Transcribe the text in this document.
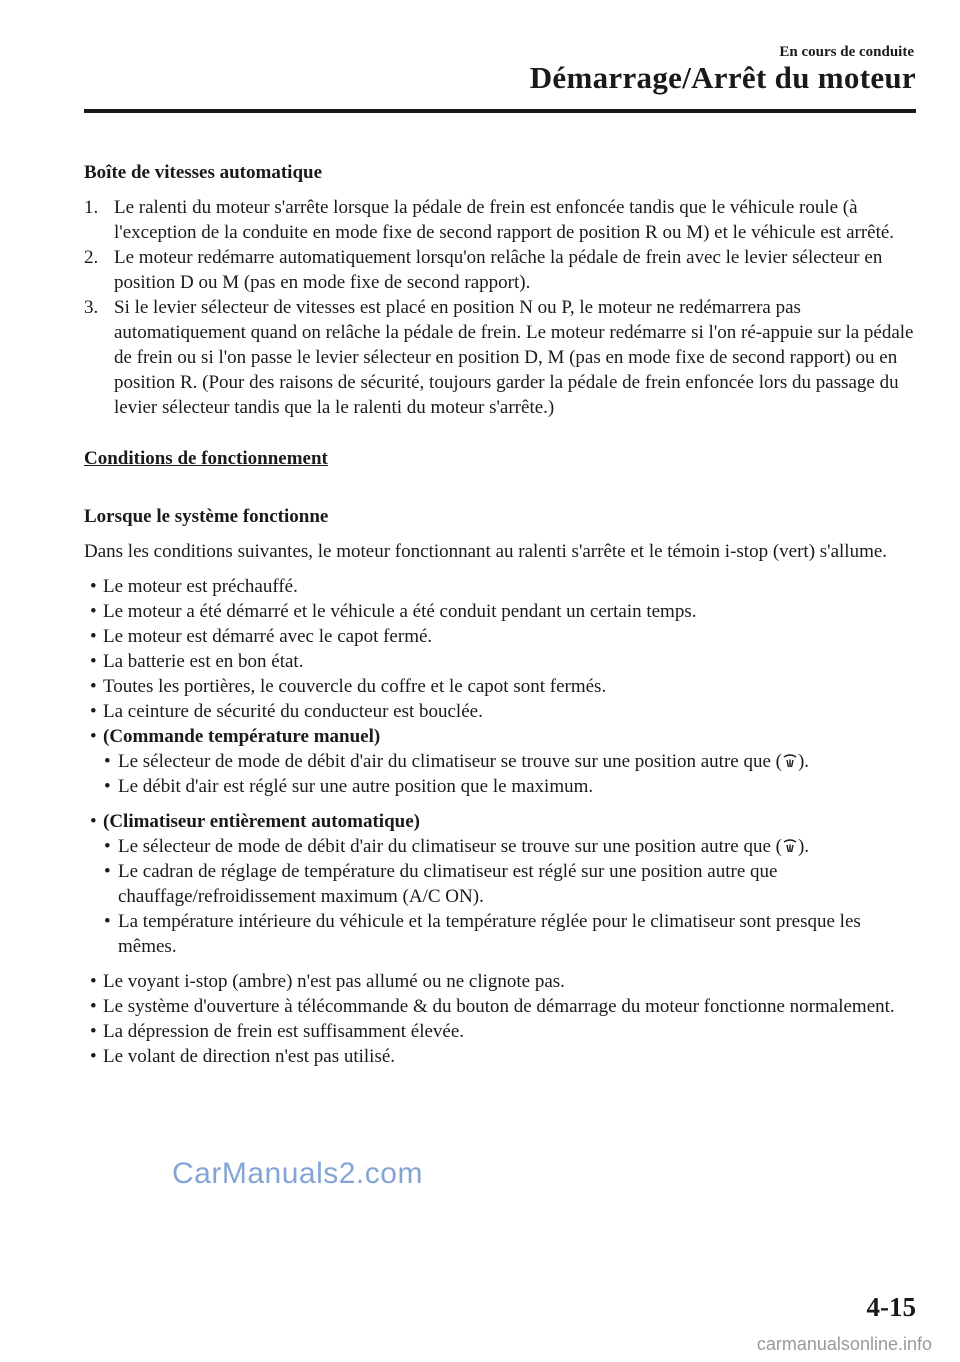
En cours de conduite
Démarrage/Arrêt du moteur
Boîte de vitesses automatique
1. Le ralenti du moteur s'arrête lorsque la pédale de frein est enfoncée tandis que le véhicule roule (à l'exception de la conduite en mode fixe de second rapport de position R ou M) et le véhicule est arrêté.
2. Le moteur redémarre automatiquement lorsqu'on relâche la pédale de frein avec le levier sélecteur en position D ou M (pas en mode fixe de second rapport).
3. Si le levier sélecteur de vitesses est placé en position N ou P, le moteur ne redémarrera pas automatiquement quand on relâche la pédale de frein. Le moteur redémarre si l'on ré-appuie sur la pédale de frein ou si l'on passe le levier sélecteur en position D, M (pas en mode fixe de second rapport) ou en position R. (Pour des raisons de sécurité, toujours garder la pédale de frein enfoncée lors du passage du levier sélecteur tandis que la le ralenti du moteur s'arrête.)
Conditions de fonctionnement
Lorsque le système fonctionne
Dans les conditions suivantes, le moteur fonctionnant au ralenti s'arrête et le témoin i-stop (vert) s'allume.
• Le moteur est préchauffé.
• Le moteur a été démarré et le véhicule a été conduit pendant un certain temps.
• Le moteur est démarré avec le capot fermé.
• La batterie est en bon état.
• Toutes les portières, le couvercle du coffre et le capot sont fermés.
• La ceinture de sécurité du conducteur est bouclée.
• (Commande température manuel)
• Le sélecteur de mode de débit d'air du climatiseur se trouve sur une position autre que ( ).
• Le débit d'air est réglé sur une autre position que le maximum.
• (Climatiseur entièrement automatique)
• Le sélecteur de mode de débit d'air du climatiseur se trouve sur une position autre que ( ).
• Le cadran de réglage de température du climatiseur est réglé sur une position autre que chauffage/refroidissement maximum (A/C ON).
• La température intérieure du véhicule et la température réglée pour le climatiseur sont presque les mêmes.
• Le voyant i-stop (ambre) n'est pas allumé ou ne clignote pas.
• Le système d'ouverture à télécommande & du bouton de démarrage du moteur fonctionne normalement.
• La dépression de frein est suffisamment élevée.
• Le volant de direction n'est pas utilisé.
CarManuals2.com
4-15
carmanualsonline.info
